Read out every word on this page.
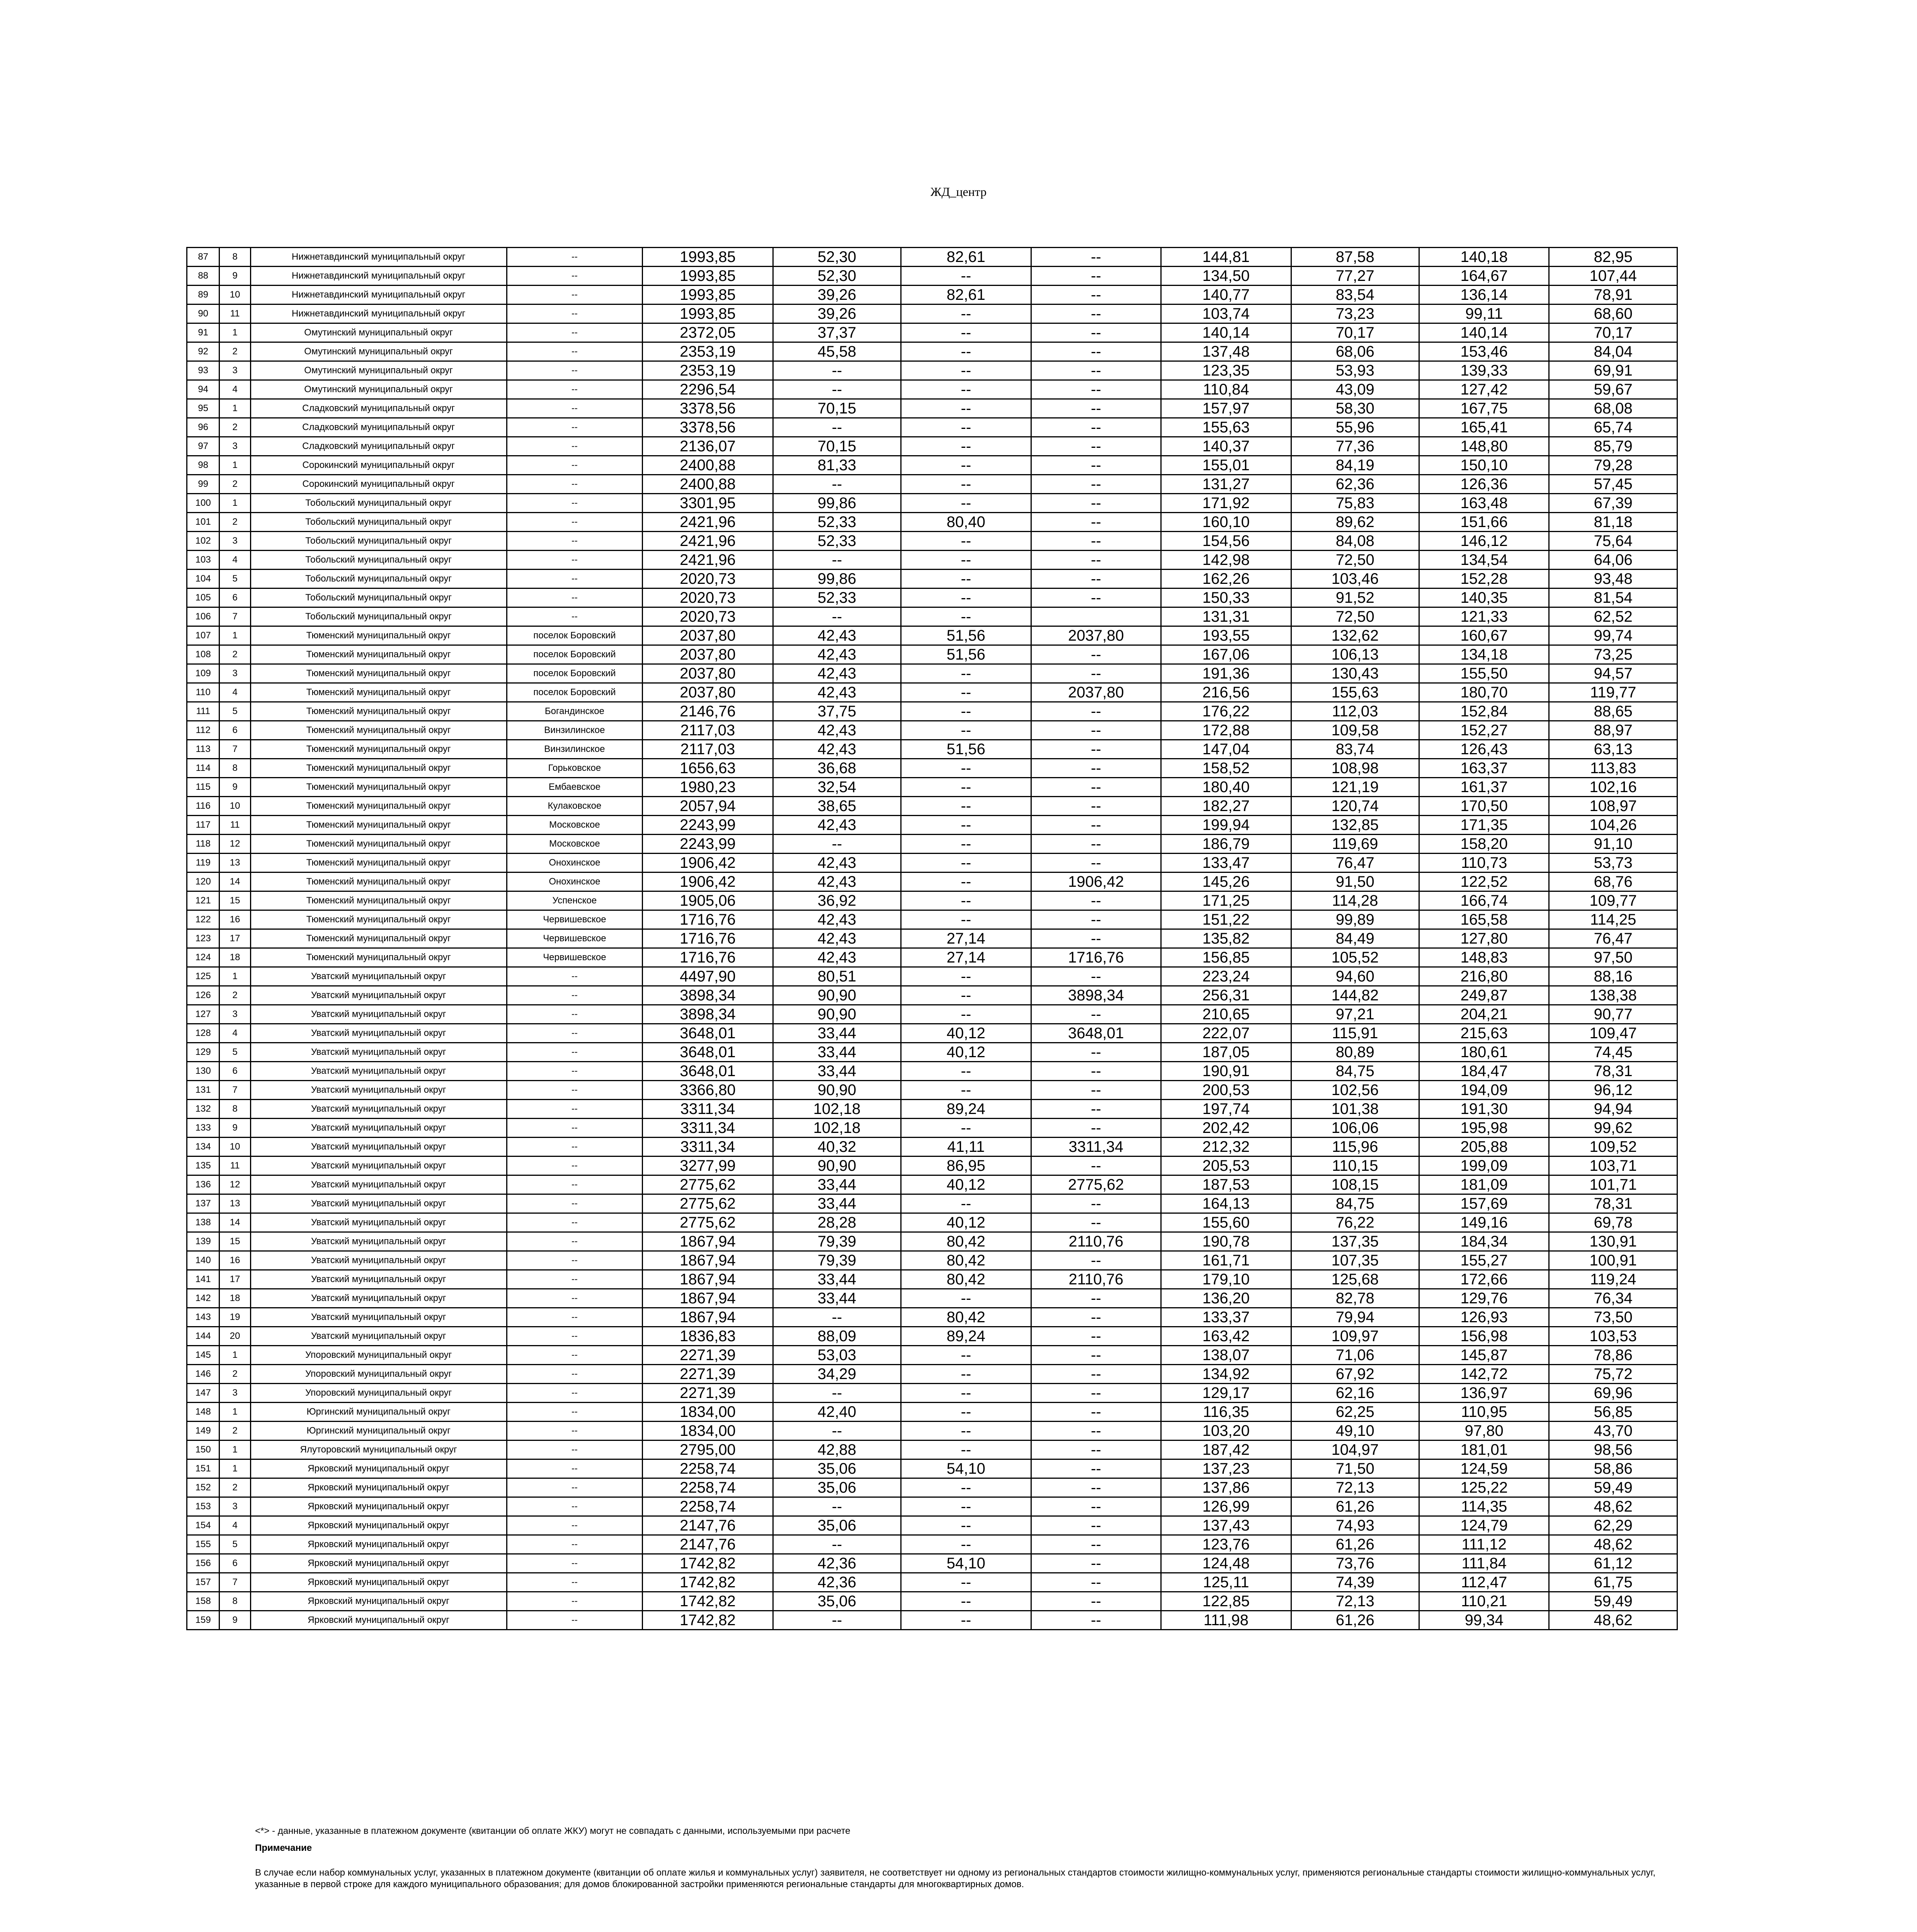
ЖД_центр
87	8	Нижнетавдинский муниципальный округ	--	1993,85	52,30	82,61	--	144,81	87,58	140,18	82,95
88	9	Нижнетавдинский муниципальный округ	--	1993,85	52,30	--	--	134,50	77,27	164,67	107,44
89	10	Нижнетавдинский муниципальный округ	--	1993,85	39,26	82,61	--	140,77	83,54	136,14	78,91
90	11	Нижнетавдинский муниципальный округ	--	1993,85	39,26	--	--	103,74	73,23	99,11	68,60
91	1	Омутинский муниципальный округ	--	2372,05	37,37	--	--	140,14	70,17	140,14	70,17
92	2	Омутинский муниципальный округ	--	2353,19	45,58	--	--	137,48	68,06	153,46	84,04
93	3	Омутинский муниципальный округ	--	2353,19	--	--	--	123,35	53,93	139,33	69,91
94	4	Омутинский муниципальный округ	--	2296,54	--	--	--	110,84	43,09	127,42	59,67
95	1	Сладковский муниципальный округ	--	3378,56	70,15	--	--	157,97	58,30	167,75	68,08
96	2	Сладковский муниципальный округ	--	3378,56	--	--	--	155,63	55,96	165,41	65,74
97	3	Сладковский муниципальный округ	--	2136,07	70,15	--	--	140,37	77,36	148,80	85,79
98	1	Сорокинский муниципальный округ	--	2400,88	81,33	--	--	155,01	84,19	150,10	79,28
99	2	Сорокинский муниципальный округ	--	2400,88	--	--	--	131,27	62,36	126,36	57,45
100	1	Тобольский муниципальный округ	--	3301,95	99,86	--	--	171,92	75,83	163,48	67,39
101	2	Тобольский муниципальный округ	--	2421,96	52,33	80,40	--	160,10	89,62	151,66	81,18
102	3	Тобольский муниципальный округ	--	2421,96	52,33	--	--	154,56	84,08	146,12	75,64
103	4	Тобольский муниципальный округ	--	2421,96	--	--	--	142,98	72,50	134,54	64,06
104	5	Тобольский муниципальный округ	--	2020,73	99,86	--	--	162,26	103,46	152,28	93,48
105	6	Тобольский муниципальный округ	--	2020,73	52,33	--	--	150,33	91,52	140,35	81,54
106	7	Тобольский муниципальный округ	--	2020,73	--	--		131,31	72,50	121,33	62,52
107	1	Тюменский муниципальный округ	поселок Боровский	2037,80	42,43	51,56	2037,80	193,55	132,62	160,67	99,74
108	2	Тюменский муниципальный округ	поселок Боровский	2037,80	42,43	51,56	--	167,06	106,13	134,18	73,25
109	3	Тюменский муниципальный округ	поселок Боровский	2037,80	42,43	--	--	191,36	130,43	155,50	94,57
110	4	Тюменский муниципальный округ	поселок Боровский	2037,80	42,43	--	2037,80	216,56	155,63	180,70	119,77
111	5	Тюменский муниципальный округ	Богандинское	2146,76	37,75	--	--	176,22	112,03	152,84	88,65
112	6	Тюменский муниципальный округ	Винзилинское	2117,03	42,43	--	--	172,88	109,58	152,27	88,97
113	7	Тюменский муниципальный округ	Винзилинское	2117,03	42,43	51,56	--	147,04	83,74	126,43	63,13
114	8	Тюменский муниципальный округ	Горьковское	1656,63	36,68	--	--	158,52	108,98	163,37	113,83
115	9	Тюменский муниципальный округ	Ембаевское	1980,23	32,54	--	--	180,40	121,19	161,37	102,16
116	10	Тюменский муниципальный округ	Кулаковское	2057,94	38,65	--	--	182,27	120,74	170,50	108,97
117	11	Тюменский муниципальный округ	Московское	2243,99	42,43	--	--	199,94	132,85	171,35	104,26
118	12	Тюменский муниципальный округ	Московское	2243,99	--	--	--	186,79	119,69	158,20	91,10
119	13	Тюменский муниципальный округ	Онохинское	1906,42	42,43	--	--	133,47	76,47	110,73	53,73
120	14	Тюменский муниципальный округ	Онохинское	1906,42	42,43	--	1906,42	145,26	91,50	122,52	68,76
121	15	Тюменский муниципальный округ	Успенское	1905,06	36,92	--	--	171,25	114,28	166,74	109,77
122	16	Тюменский муниципальный округ	Червишевское	1716,76	42,43	--	--	151,22	99,89	165,58	114,25
123	17	Тюменский муниципальный округ	Червишевское	1716,76	42,43	27,14	--	135,82	84,49	127,80	76,47
124	18	Тюменский муниципальный округ	Червишевское	1716,76	42,43	27,14	1716,76	156,85	105,52	148,83	97,50
125	1	Уватский муниципальный округ	--	4497,90	80,51	--	--	223,24	94,60	216,80	88,16
126	2	Уватский муниципальный округ	--	3898,34	90,90	--	3898,34	256,31	144,82	249,87	138,38
127	3	Уватский муниципальный округ	--	3898,34	90,90	--	--	210,65	97,21	204,21	90,77
128	4	Уватский муниципальный округ	--	3648,01	33,44	40,12	3648,01	222,07	115,91	215,63	109,47
129	5	Уватский муниципальный округ	--	3648,01	33,44	40,12	--	187,05	80,89	180,61	74,45
130	6	Уватский муниципальный округ	--	3648,01	33,44	--	--	190,91	84,75	184,47	78,31
131	7	Уватский муниципальный округ	--	3366,80	90,90	--	--	200,53	102,56	194,09	96,12
132	8	Уватский муниципальный округ	--	3311,34	102,18	89,24	--	197,74	101,38	191,30	94,94
133	9	Уватский муниципальный округ	--	3311,34	102,18	--	--	202,42	106,06	195,98	99,62
134	10	Уватский муниципальный округ	--	3311,34	40,32	41,11	3311,34	212,32	115,96	205,88	109,52
135	11	Уватский муниципальный округ	--	3277,99	90,90	86,95	--	205,53	110,15	199,09	103,71
136	12	Уватский муниципальный округ	--	2775,62	33,44	40,12	2775,62	187,53	108,15	181,09	101,71
137	13	Уватский муниципальный округ	--	2775,62	33,44	--	--	164,13	84,75	157,69	78,31
138	14	Уватский муниципальный округ	--	2775,62	28,28	40,12	--	155,60	76,22	149,16	69,78
139	15	Уватский муниципальный округ	--	1867,94	79,39	80,42	2110,76	190,78	137,35	184,34	130,91
140	16	Уватский муниципальный округ	--	1867,94	79,39	80,42	--	161,71	107,35	155,27	100,91
141	17	Уватский муниципальный округ	--	1867,94	33,44	80,42	2110,76	179,10	125,68	172,66	119,24
142	18	Уватский муниципальный округ	--	1867,94	33,44	--	--	136,20	82,78	129,76	76,34
143	19	Уватский муниципальный округ	--	1867,94	--	80,42	--	133,37	79,94	126,93	73,50
144	20	Уватский муниципальный округ	--	1836,83	88,09	89,24	--	163,42	109,97	156,98	103,53
145	1	Упоровский муниципальный округ	--	2271,39	53,03	--	--	138,07	71,06	145,87	78,86
146	2	Упоровский муниципальный округ	--	2271,39	34,29	--	--	134,92	67,92	142,72	75,72
147	3	Упоровский муниципальный округ	--	2271,39	--	--	--	129,17	62,16	136,97	69,96
148	1	Юргинский муниципальный округ	--	1834,00	42,40	--	--	116,35	62,25	110,95	56,85
149	2	Юргинский муниципальный округ	--	1834,00	--	--	--	103,20	49,10	97,80	43,70
150	1	Ялуторовский муниципальный округ	--	2795,00	42,88	--	--	187,42	104,97	181,01	98,56
151	1	Ярковский муниципальный округ	--	2258,74	35,06	54,10	--	137,23	71,50	124,59	58,86
152	2	Ярковский муниципальный округ	--	2258,74	35,06	--	--	137,86	72,13	125,22	59,49
153	3	Ярковский муниципальный округ	--	2258,74	--	--	--	126,99	61,26	114,35	48,62
154	4	Ярковский муниципальный округ	--	2147,76	35,06	--	--	137,43	74,93	124,79	62,29
155	5	Ярковский муниципальный округ	--	2147,76	--	--	--	123,76	61,26	111,12	48,62
156	6	Ярковский муниципальный округ	--	1742,82	42,36	54,10	--	124,48	73,76	111,84	61,12
157	7	Ярковский муниципальный округ	--	1742,82	42,36	--	--	125,11	74,39	112,47	61,75
158	8	Ярковский муниципальный округ	--	1742,82	35,06	--	--	122,85	72,13	110,21	59,49
159	9	Ярковский муниципальный округ	--	1742,82	--	--	--	111,98	61,26	99,34	48,62

<*> - данные, указанные в платежном документе (квитанции об оплате ЖКУ) могут не совпадать с данными, используемыми при расчете

Примечание

В случае если набор коммунальных услуг, указанных в платежном документе (квитанции об оплате жилья и коммунальных услуг) заявителя, не соответствует ни одному из региональных стандартов стоимости жилищно-коммунальных услуг, применяются региональные стандарты стоимости жилищно-коммунальных услуг, указанные в первой строке для каждого муниципального образования; для домов блокированной застройки применяются региональные стандарты для многоквартирных домов.
